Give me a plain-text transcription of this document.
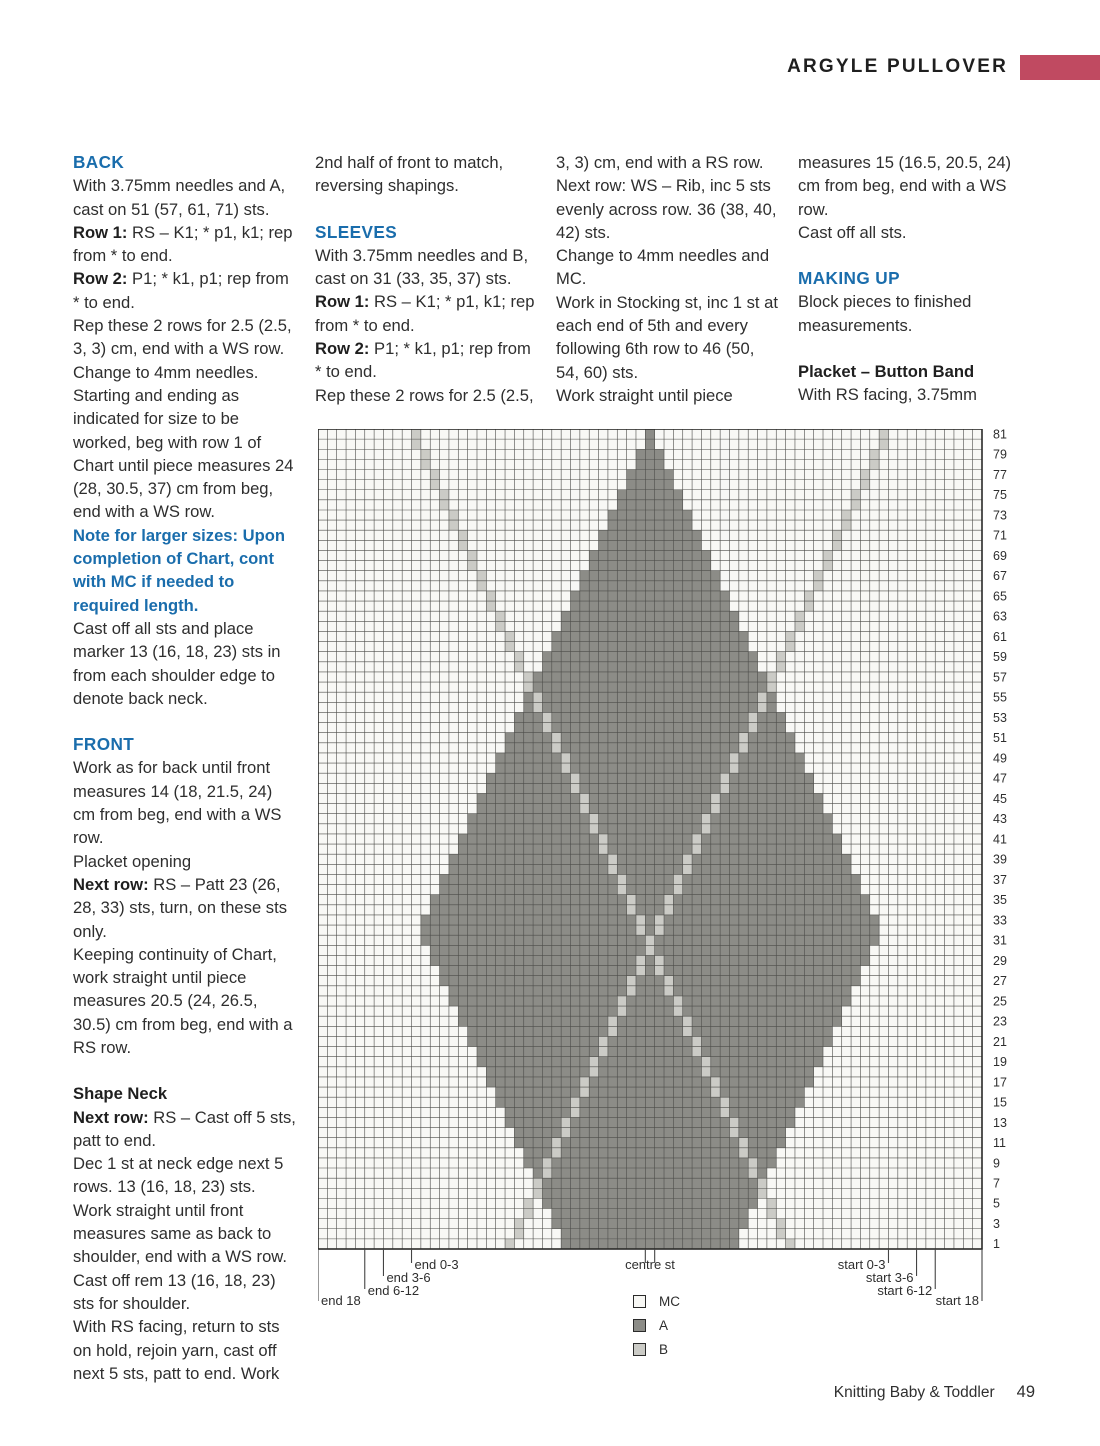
ARGYLE PULLOVER
BACK
With 3.75mm needles and A, cast on 51 (57, 61, 71) sts.
Row 1: RS – K1; * p1, k1; rep from * to end.
Row 2: P1; * k1, p1; rep from * to end.
Rep these 2 rows for 2.5 (2.5, 3, 3) cm, end with a WS row.
Change to 4mm needles.
Starting and ending as indicated for size to be worked, beg with row 1 of Chart until piece measures 24 (28, 30.5, 37) cm from beg, end with a WS row.
Note for larger sizes: Upon completion of Chart, cont with MC if needed to required length.
Cast off all sts and place marker 13 (16, 18, 23) sts in from each shoulder edge to denote back neck.
FRONT
Work as for back until front measures 14 (18, 21.5, 24) cm from beg, end with a WS row.
Placket opening
Next row: RS – Patt 23 (26, 28, 33) sts, turn, on these sts only.
Keeping continuity of Chart, work straight until piece measures 20.5 (24, 26.5, 30.5) cm from beg, end with a RS row.
Shape Neck
Next row: RS – Cast off 5 sts, patt to end.
Dec 1 st at neck edge next 5 rows. 13 (16, 18, 23) sts.
Work straight until front measures same as back to shoulder, end with a WS row.
Cast off rem 13 (16, 18, 23) sts for shoulder.
With RS facing, return to sts on hold, rejoin yarn, cast off next 5 sts, patt to end. Work
2nd half of front to match, reversing shapings.
SLEEVES
With 3.75mm needles and B, cast on 31 (33, 35, 37) sts.
Row 1: RS – K1; * p1, k1; rep from * to end.
Row 2: P1; * k1, p1; rep from * to end.
Rep these 2 rows for 2.5 (2.5,
3, 3) cm, end with a RS row.
Next row: WS – Rib, inc 5 sts evenly across row. 36 (38, 40, 42) sts.
Change to 4mm needles and MC.
Work in Stocking st, inc 1 st at each end of 5th and every following 6th row to 46 (50, 54, 60) sts.
Work straight until piece
measures 15 (16.5, 20.5, 24) cm from beg, end with a WS row.
Cast off all sts.
MAKING UP
Block pieces to finished measurements.
Placket – Button Band
With RS facing, 3.75mm
81
79
77
75
73
71
69
67
65
63
61
59
57
55
53
51
49
47
45
43
41
39
37
35
33
31
29
27
25
23
21
19
17
15
13
11
9
7
5
3
1
end 18
end 6-12
end 3-6
end 0-3	centre st	start 0-3
start 3-6
start 6-12
start 18
MC
A
B
Knitting Baby & Toddler 49
